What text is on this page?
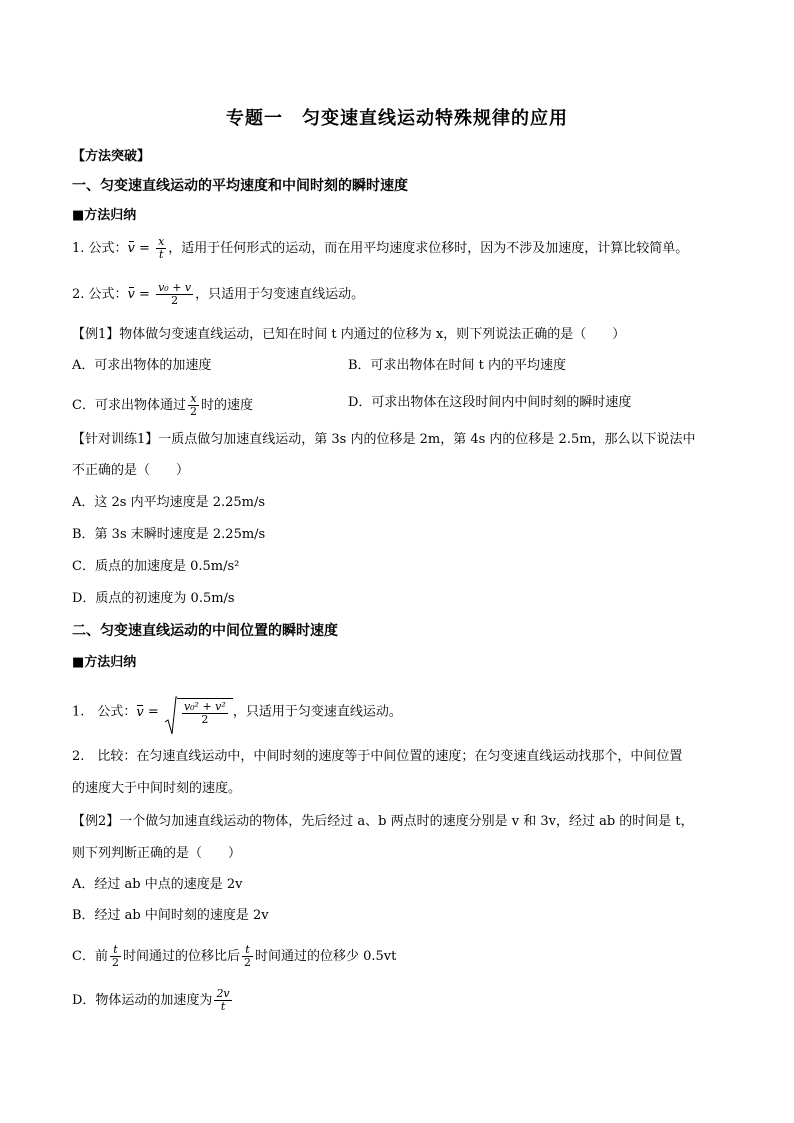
专题一　匀变速直线运动特殊规律的应用
【方法突破】
一、匀变速直线运动的平均速度和中间时刻的瞬时速度
■方法归纳
1. 公式：$v = \frac{x}{t}$ ，适用于任何形式的运动，而在用平均速度求位移时，因为不涉及加速度，计算比较简单。
2. 公式：$v = \frac{\text{v₀ + v}}{2}$ ，只适用于匀变速直线运动。
【例1】物体做匀变速直线运动，已知在时间 t 内通过的位移为 x，则下列说法正确的是（　　）
A．可求出物体的加速度	B．可求出物体在时间 t 内的平均速度
C．可求出物体通过 $\frac{x}{2}$ 时的速度	D．可求出物体在这段时间内中间时刻的瞬时速度
【针对训练1】一质点做匀加速直线运动，第 3s 内的位移是 2m，第 4s 内的位移是 2.5m，那么以下说法中
不正确的是（　　）
A．这 2s 内平均速度是 2.25m/s
B．第 3s 末瞬时速度是 2.25m/s
C．质点的加速度是 0.5m/s²
D．质点的初速度为 0.5m/s
二、匀变速直线运动的中间位置的瞬时速度
■方法归纳
1.　公式：$v = \frac{\text{v₀² + v²}}{2}$ ，只适用于匀变速直线运动。
2.　比较：在匀速直线运动中，中间时刻的速度等于中间位置的速度；在匀变速直线运动找那个，中间位置
的速度大于中间时刻的速度。
【例2】一个做匀加速直线运动的物体，先后经过 a、b 两点时的速度分别是 v 和 3v，经过 ab 的时间是 t，
则下列判断正确的是（　　）
A．经过 ab 中点的速度是 2v
B．经过 ab 中间时刻的速度是 2v
C．前 $\frac{t}{2}$ 时间通过的位移比后 $\frac{t}{2}$ 时间通过的位移少 0.5vt
D．物体运动的加速度为 $\frac{2v}{t}$
